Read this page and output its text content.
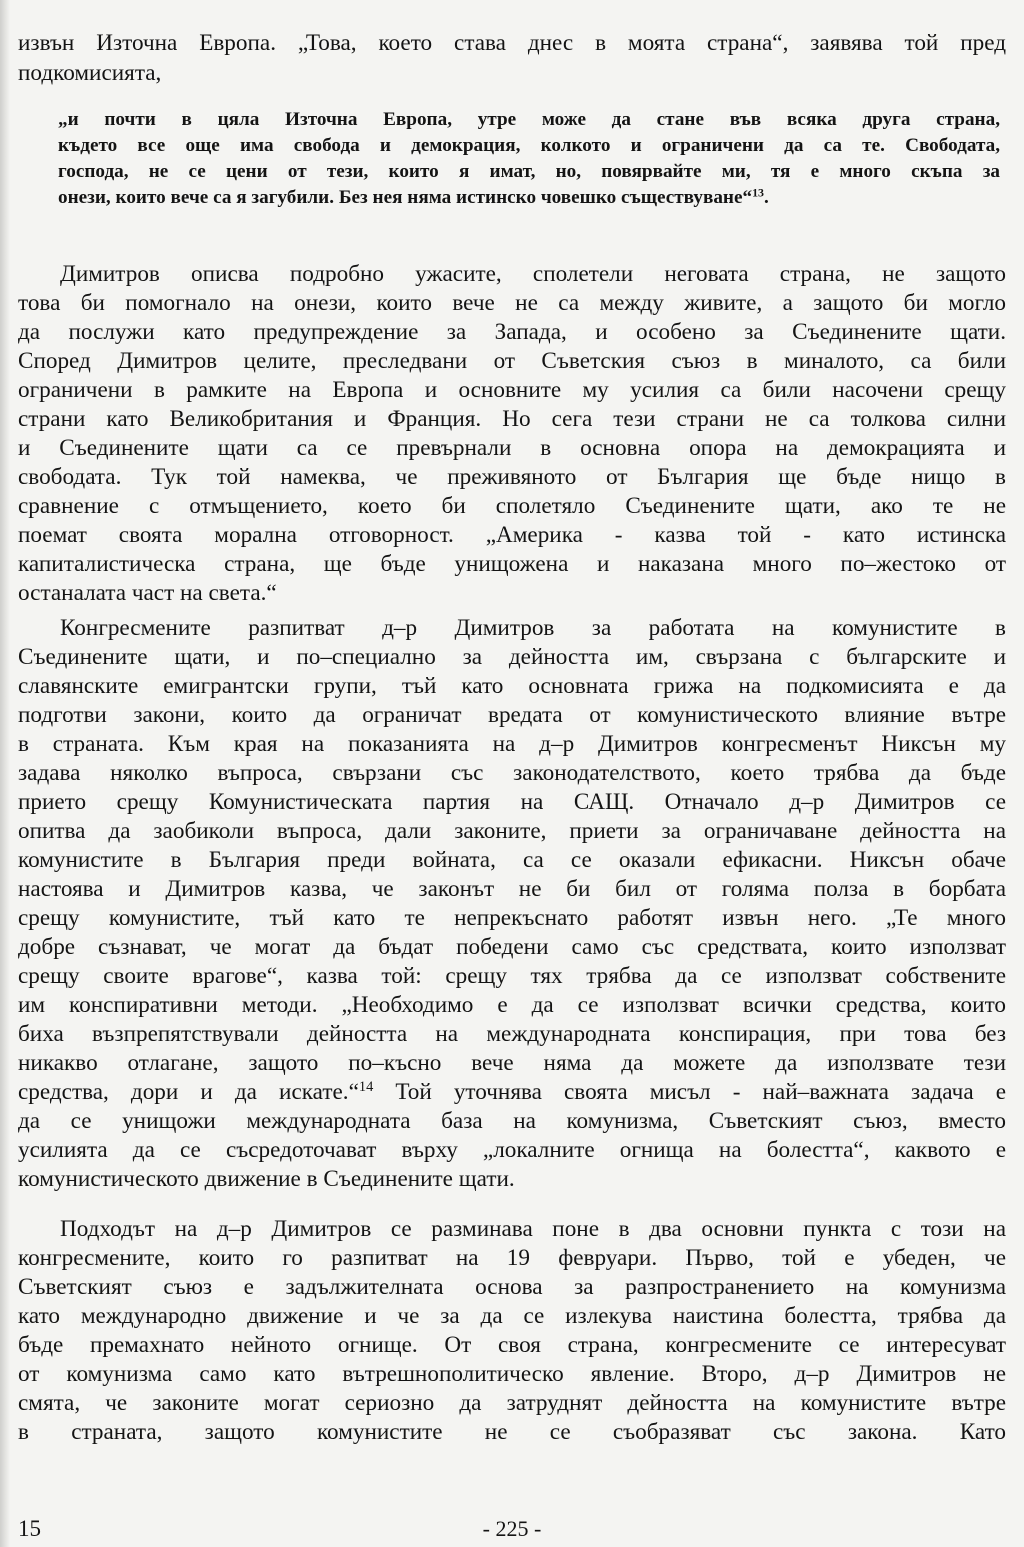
извън Източна Европа. „Това, което става днес в моята страна“, заявява той пред
подкомисията,
„и почти в цяла Източна Европа, утре може да стане във всяка друга страна,
където все още има свобода и демокрация, колкото и ограничени да са те. Свободата,
господа, не се цени от тези, които я имат, но, повярвайте ми, тя е много скъпа за
онези, които вече са я загубили. Без нея няма истинско човешко съществуване“$^{13}$.
Димитров описва подробно ужасите, сполетели неговата страна, не защото
това би помогнало на онези, които вече не са между живите, а защото би могло
да послужи като предупреждение за Запада, и особено за Съединените щати.
Според Димитров целите, преследвани от Съветския съюз в миналото, са били
ограничени в рамките на Европа и основните му усилия са били насочени срещу
страни като Великобритания и Франция. Но сега тези страни не са толкова силни
и Съединените щати са се превърнали в основна опора на демокрацията и
свободата. Тук той намеква, че преживяното от България ще бъде нищо в
сравнение с отмъщението, което би сполетяло Съединените щати, ако те не
поемат своята морална отговорност. „Америка - казва той - като истинска
капиталистическа страна, ще бъде унищожена и наказана много по–жестоко от
останалата част на света.“
Конгресмените разпитват д–р Димитров за работата на комунистите в
Съединените щати, и по–специално за дейността им, свързана с българските и
славянските емигрантски групи, тъй като основната грижа на подкомисията е да
подготви закони, които да ограничат вредата от комунистическото влияние вътре
в страната. Към края на показанията на д–р Димитров конгресменът Никсън му
задава няколко въпроса, свързани със законодателството, което трябва да бъде
прието срещу Комунистическата партия на САЩ. Отначало д–р Димитров се
опитва да заобиколи въпроса, дали законите, приети за ограничаване дейността на
комунистите в България преди войната, са се оказали ефикасни. Никсън обаче
настоява и Димитров казва, че законът не би бил от голяма полза в борбата
срещу комунистите, тъй като те непрекъснато работят извън него. „Те много
добре съзнават, че могат да бъдат победени само със средствата, които използват
срещу своите врагове“, казва той: срещу тях трябва да се използват собствените
им конспиративни методи. „Необходимо е да се използват всички средства, които
биха възпрепятствували дейността на международната конспирация, при това без
никакво отлагане, защото по–късно вече няма да можете да използвате тези
средства, дори и да искате.“$^{14}$ Той уточнява своята мисъл - най–важната задача е
да се унищожи международната база на комунизма, Съветският съюз, вместо
усилията да се съсредоточават върху „локалните огнища на болестта“, каквото е
комунистическото движение в Съединените щати.
Подходът на д–р Димитров се разминава поне в два основни пункта с този на
конгресмените, които го разпитват на 19 февруари. Първо, той е убеден, че
Съветският съюз е задължителната основа за разпространението на комунизма
като международно движение и че за да се излекува наистина болестта, трябва да
бъде премахнато нейното огнище. От своя страна, конгресмените се интересуват
от комунизма само като вътрешнополитическо явление. Второ, д–р Димитров не
смята, че законите могат сериозно да затруднят дейността на комунистите вътре
в страната, защото комунистите не се съобразяват със закона. Като
15	- 225 -
